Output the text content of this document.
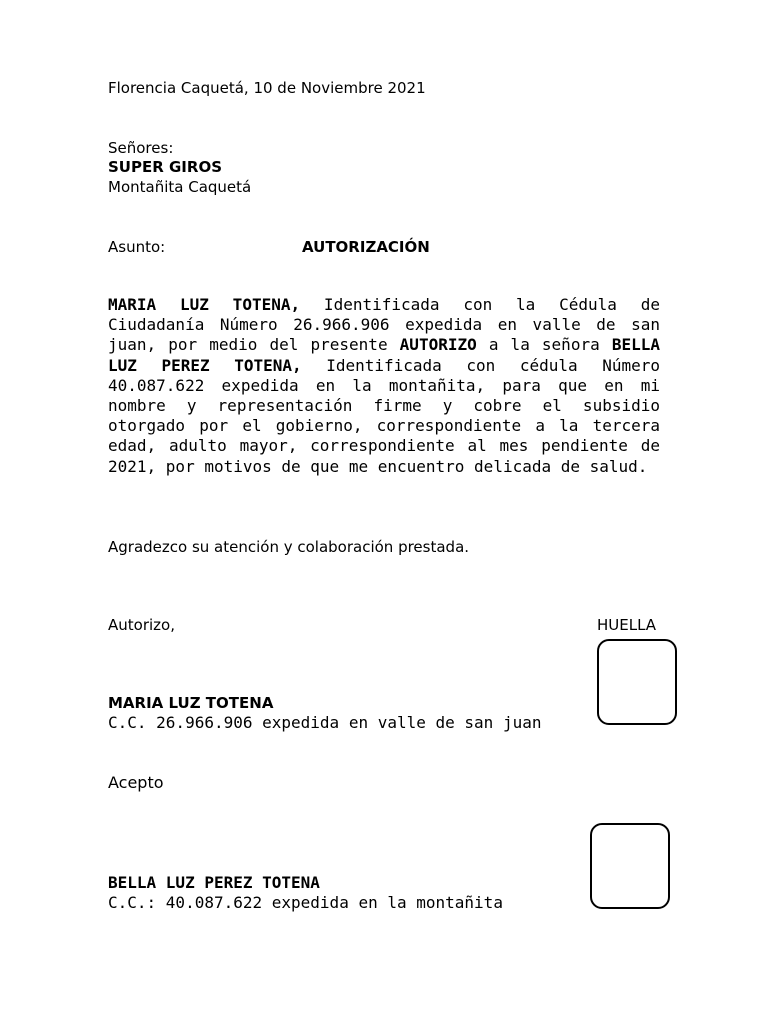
Florencia Caquetá, 10 de Noviembre 2021

Señores:

SUPER GIROS

Montañita Caquetá

Asunto:	AUTORIZACIÓN

MARIA LUZ TOTENA, Identificada con la Cédula de Ciudadanía Número 26.966.906 expedida en valle de san juan, por medio del presente AUTORIZO a la señora BELLA LUZ PEREZ TOTENA, Identificada con cédula Número 40.087.622 expedida en la montañita, para que en mi nombre y representación firme y cobre el subsidio otorgado por el gobierno, correspondiente a la tercera edad, adulto mayor, correspondiente al mes pendiente de 2021, por motivos de que me encuentro delicada de salud.

Agradezco su atención y colaboración prestada.

Autorizo,	HUELLA

MARIA LUZ TOTENA

C.C. 26.966.906 expedida en valle de san juan

Acepto

BELLA LUZ PEREZ TOTENA

C.C.: 40.087.622 expedida en la montañita
